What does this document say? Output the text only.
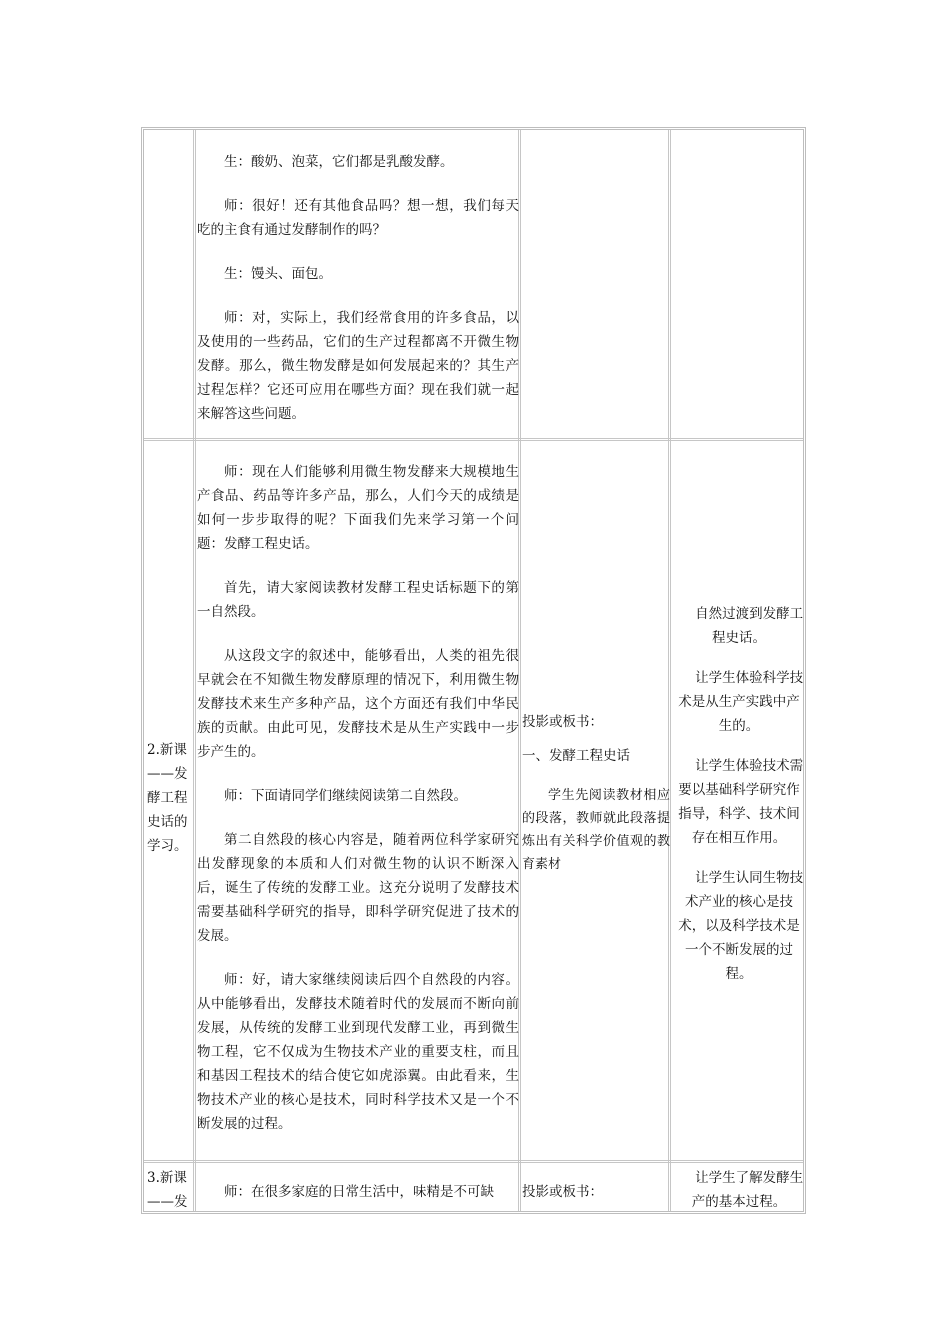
生：酸奶、泡菜，它们都是乳酸发酵。

师：很好！还有其他食品吗？想一想，我们每天吃的主食有通过发酵制作的吗？

生：馒头、面包。

师：对，实际上，我们经常食用的许多食品，以及使用的一些药品，它们的生产过程都离不开微生物发酵。那么，微生物发酵是如何发展起来的？其生产过程怎样？它还可应用在哪些方面？现在我们就一起来解答这些问题。

2.新课——发酵工程史话的学习。

师：现在人们能够利用微生物发酵来大规模地生产食品、药品等许多产品，那么，人们今天的成绩是如何一步步取得的呢？下面我们先来学习第一个问题：发酵工程史话。

首先，请大家阅读教材发酵工程史话标题下的第一自然段。

从这段文字的叙述中，能够看出，人类的祖先很早就会在不知微生物发酵原理的情况下，利用微生物发酵技术来生产多种产品，这个方面还有我们中华民族的贡献。由此可见，发酵技术是从生产实践中一步步产生的。

师：下面请同学们继续阅读第二自然段。

第二自然段的核心内容是，随着两位科学家研究出发酵现象的本质和人们对微生物的认识不断深入后，诞生了传统的发酵工业。这充分说明了发酵技术需要基础科学研究的指导，即科学研究促进了技术的发展。

师：好，请大家继续阅读后四个自然段的内容。从中能够看出，发酵技术随着时代的发展而不断向前发展，从传统的发酵工业到现代发酵工业，再到微生物工程，它不仅成为生物技术产业的重要支柱，而且和基因工程技术的结合使它如虎添翼。由此看来，生物技术产业的核心是技术，同时科学技术又是一个不断发展的过程。

投影或板书：

一、发酵工程史话

学生先阅读教材相应的段落，教师就此段落提炼出有关科学价值观的教育素材

自然过渡到发酵工程史话。

让学生体验科学技术是从生产实践中产生的。

让学生体验技术需要以基础科学研究作指导，科学、技术间存在相互作用。

让学生认同生物技术产业的核心是技术，以及科学技术是一个不断发展的过程。

3.新课——发

师：在很多家庭的日常生活中，味精是不可缺	投影或板书：

让学生了解发酵生产的基本过程。
